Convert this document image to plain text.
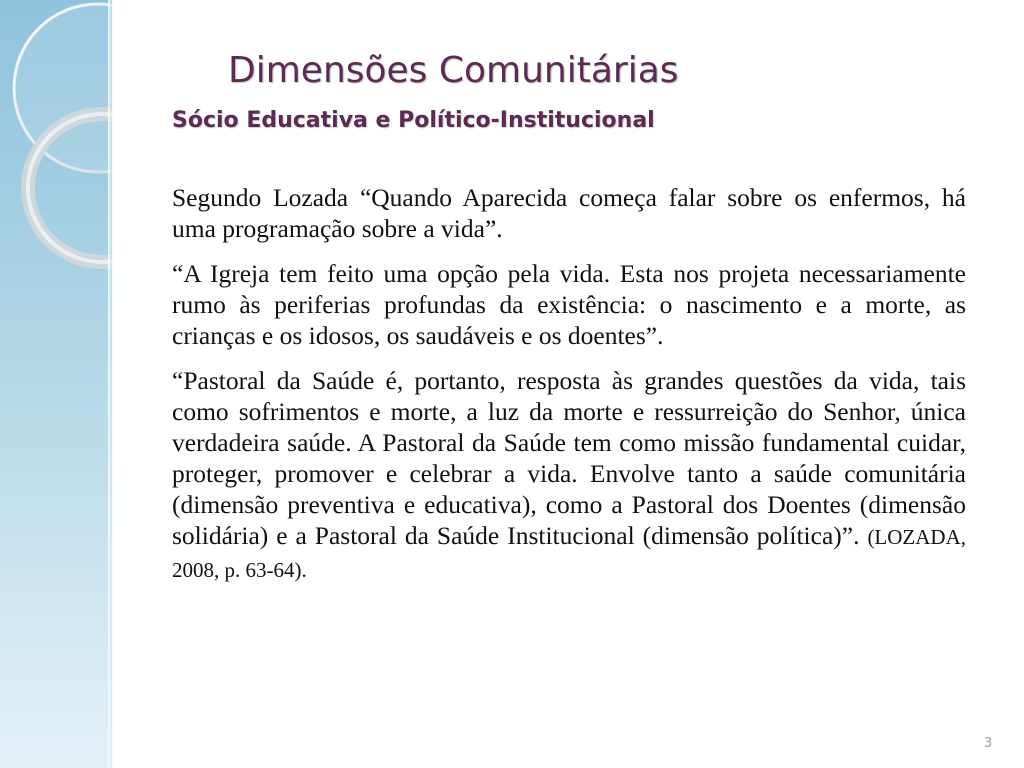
Dimensões Comunitárias
Sócio Educativa e Político-Institucional

Segundo Lozada “Quando Aparecida começa falar sobre os enfermos, há uma programação sobre a vida”.

“A Igreja tem feito uma opção pela vida. Esta nos projeta necessariamente rumo às periferias profundas da existência: o nascimento e a morte, as crianças e os idosos, os saudáveis e os doentes”.

“Pastoral da Saúde é, portanto, resposta às grandes questões da vida, tais como sofrimentos e morte, a luz da morte e ressurreição do Senhor, única verdadeira saúde. A Pastoral da Saúde tem como missão fundamental cuidar, proteger, promover e celebrar a vida. Envolve tanto a saúde comunitária (dimensão preventiva e educativa), como a Pastoral dos Doentes (dimensão solidária) e a Pastoral da Saúde Institucional (dimensão política)”. (LOZADA, 2008, p. 63-64).

3
